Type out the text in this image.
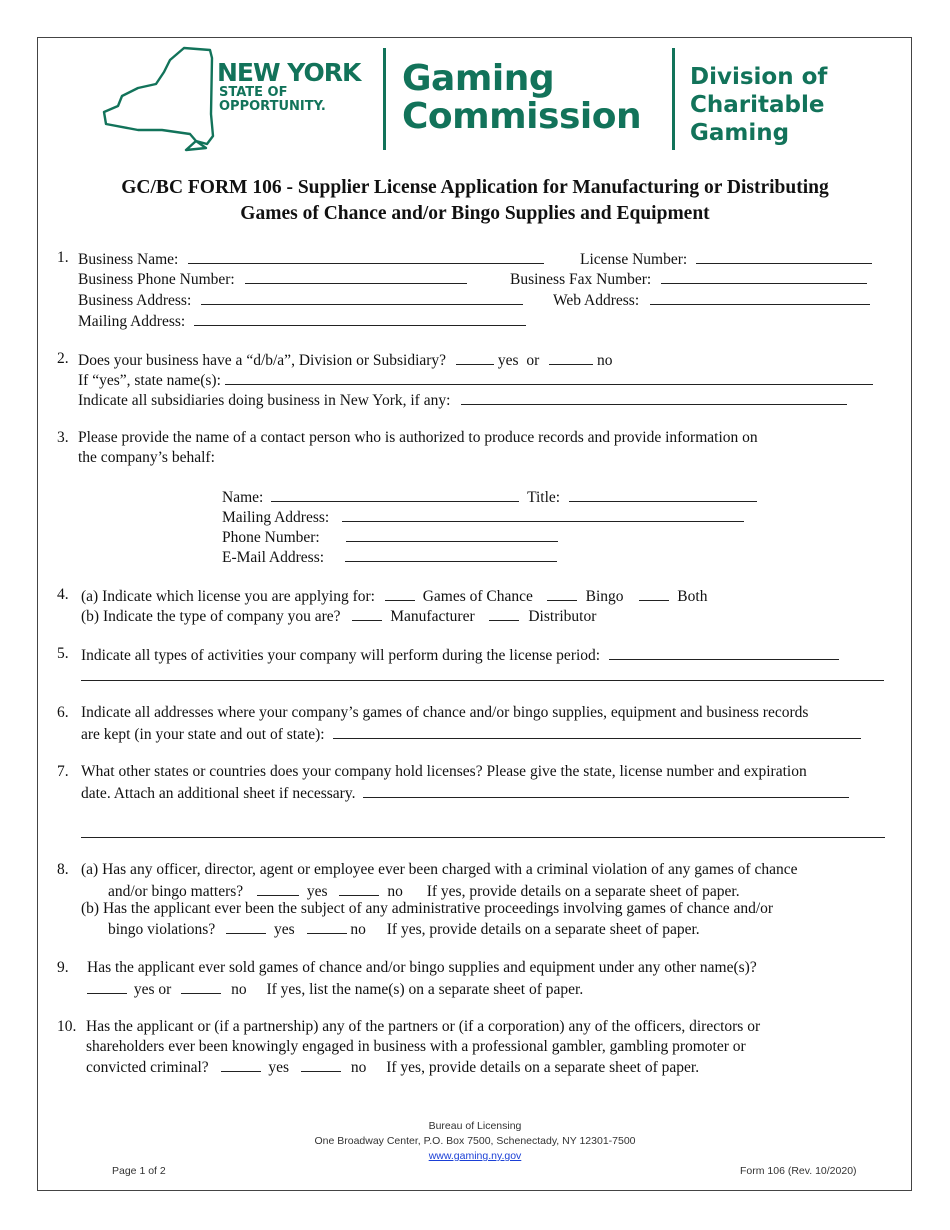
NEW YORK
STATE OF
OPPORTUNITY.
Gaming
Commission
Division of
Charitable
Gaming
GC/BC FORM 106 - Supplier License Application for Manufacturing or Distributing
Games of Chance and/or Bingo Supplies and Equipment
1. Business Name:	License Number:
Business Phone Number:	Business Fax Number:
Business Address:	Web Address:
Mailing Address:
2. Does your business have a “d/b/a”, Division or Subsidiary?	yes or	no
If “yes”, state name(s):
Indicate all subsidiaries doing business in New York, if any:
3. Please provide the name of a contact person who is authorized to produce records and provide information on
the company’s behalf:
Name:	Title:
Mailing Address:
Phone Number:
E-Mail Address:
4. (a) Indicate which license you are applying for:	Games of Chance	Bingo	Both
(b) Indicate the type of company you are?	Manufacturer	Distributor
5. Indicate all types of activities your company will perform during the license period:
6. Indicate all addresses where your company’s games of chance and/or bingo supplies, equipment and business records
are kept (in your state and out of state):
7. What other states or countries does your company hold licenses? Please give the state, license number and expiration
date. Attach an additional sheet if necessary.
8. (a) Has any officer, director, agent or employee ever been charged with a criminal violation of any games of chance
and/or bingo matters?	yes	no If yes, provide details on a separate sheet of paper.
(b) Has the applicant ever been the subject of any administrative proceedings involving games of chance and/or
bingo violations?	yes	no If yes, provide details on a separate sheet of paper.
9. Has the applicant ever sold games of chance and/or bingo supplies and equipment under any other name(s)?
yes or	no If yes, list the name(s) on a separate sheet of paper.
10. Has the applicant or (if a partnership) any of the partners or (if a corporation) any of the officers, directors or
shareholders ever been knowingly engaged in business with a professional gambler, gambling promoter or
convicted criminal?	yes	no If yes, provide details on a separate sheet of paper.
Bureau of Licensing
One Broadway Center, P.O. Box 7500, Schenectady, NY 12301-7500
www.gaming.ny.gov
Page 1 of 2	Form 106 (Rev. 10/2020)
